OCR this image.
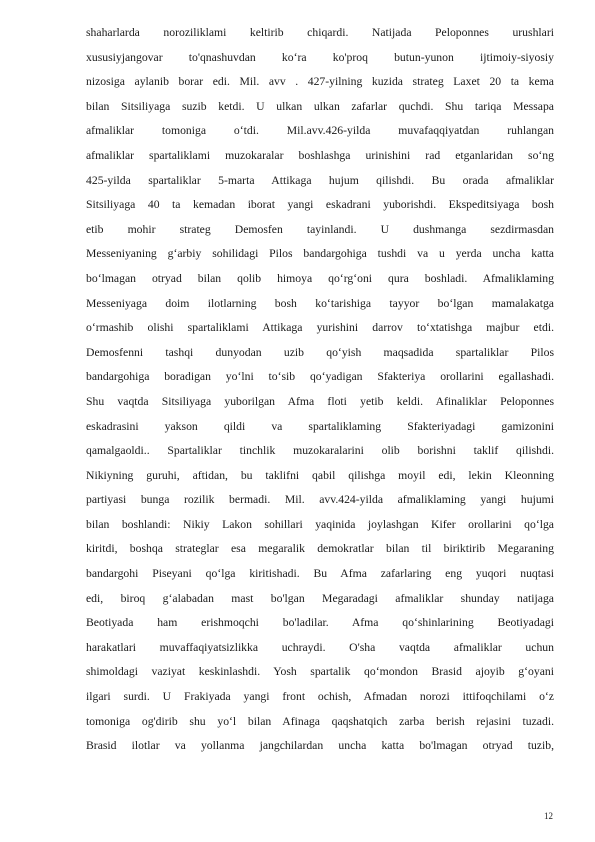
shaharlarda noroziliklаmi keltirib chiqardi. Natijada Peloponnes urushlari
xususiyjangovar to'qnashuvdan ko‘ra ko'proq butun-yunon ijtimoiy-siyosiy
nizosiga aylanib borar edi. Mil. avv . 427-yilning kuzida strateg Laxet 20 ta kema
bilan Sitsiliyaga suzib ketdi. U ulkan ulkan zafarlar quchdi. Shu tariqa Messapa
afmaliklar tomoniga o‘tdi. Mil.avv.426-yilda muvafaqqiyatdan ruhlangan
afmaliklar spartaliklami muzokaralar boshlashga urinishini rad etganlaridan so‘ng
425-yilda spartaliklar 5-marta Attikaga hujum qilishdi. Bu orada afmaliklar
Sitsiliyaga 40 ta kemadan iborat yangi eskadrani yuborishdi. Ekspeditsiyaga bosh
etib mohir strateg Demosfen tayinlandi. U dushmanga sezdirmasdan
Messeniyaning g‘arbiy sohilidagi Pilos bandargohiga tushdi va u yerda uncha katta
bo‘lmagan otryad bilan qolib himoya qo‘rg‘oni qura boshladi. Afmaliklaming
Messeniyaga doim ilotlarning bosh ko‘tarishiga tayyor bo‘lgan mamalakatga
o‘rmashib olishi spartaliklami Attikaga yurishini darrov to‘xtatishga majbur etdi.
Demosfenni tashqi dunyodan uzib qo‘yish maqsadida spartaliklar Pilos
bandargohiga boradigan yo‘lni to‘sib qo‘yadigan Sfakteriya orollarini egallashadi.
Shu vaqtda Sitsiliyaga yuborilgan Afma floti yetib keldi. Afinaliklar Peloponnes
eskadrasini yakson qildi va spartaliklaming Sfakteriyadagi gamizonini
qamalgaoldi.. Spartaliklar tinchlik muzokaralarini olib borishni taklif qilishdi.
Nikiyning guruhi, aftidan, bu taklifni qabil qilishga moyil edi, lekin Kleonning
partiyasi bunga rozilik bermadi. Mil. avv.424-yilda afmaliklaming yangi hujumi
bilan boshlandi: Nikiy Lakon sohillari yaqinida joylashgan Kifer orollarini qo‘lga
kiritdi, boshqa strateglar esa megaralik demokratlar bilan til biriktirib Megaraning
bandargohi Piseyani qo‘lga kiritishadi. Bu Afma zafarlaring eng yuqori nuqtasi
edi, biroq g‘alabadan mast bo'lgan Megaradagi afmaliklar shunday natijaga
Beotiyada ham erishmoqchi bo'ladilar. Afma qo‘shinlarining Beotiyadagi
harakatlari muvaffaqiyatsizlikka uchraydi. O'sha vaqtda afmaliklar uchun
shimoldagi vaziyat keskinlashdi. Yosh spartalik qo‘mondon Brasid ajoyib g‘oyani
ilgari surdi. U Frakiyada yangi front ochish, Afmadan norozi ittifoqchilami o‘z
tomoniga og'dirib shu yo‘l bilan Afinaga qaqshatqich zarba berish rejasini tuzadi.
Brasid ilotlar va yollanma jangchilardan uncha katta bo'lmagan otryad tuzib,
12
